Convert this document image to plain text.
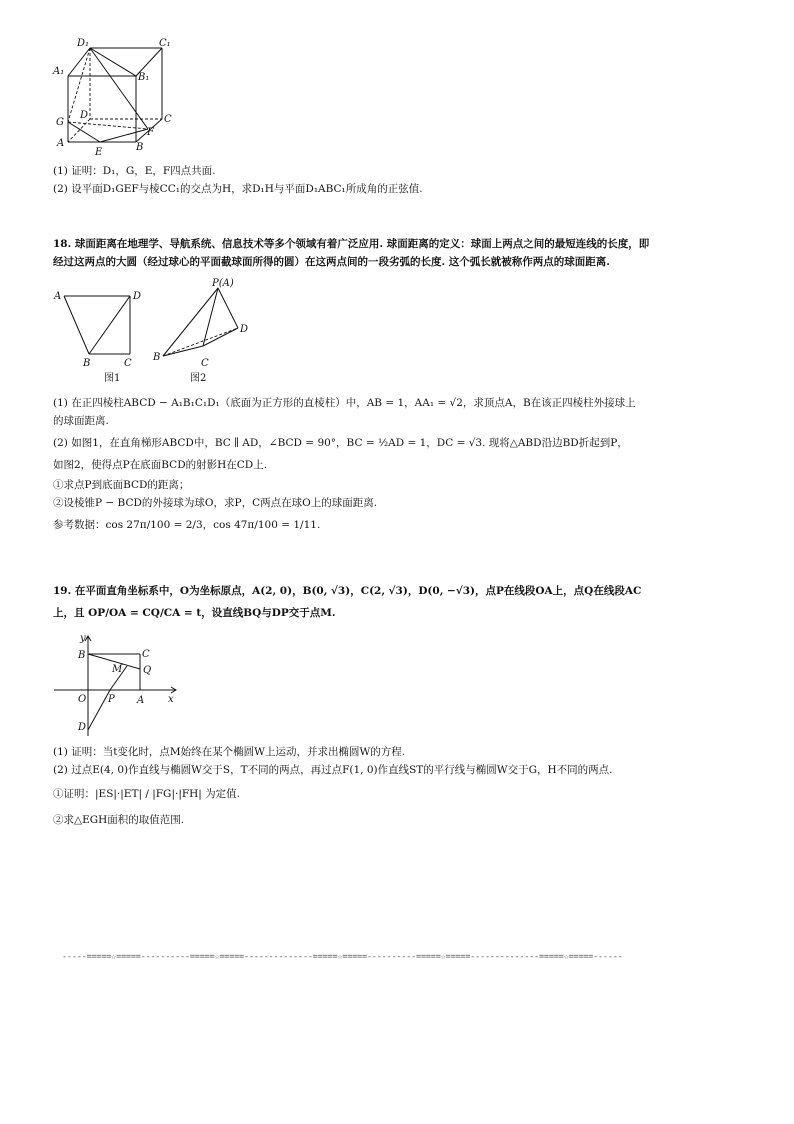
D₁	C₁
A₁
B₁
G
D	C
F
A	B
E
(1) 证明：D₁，G，E，F四点共面.
(2) 设平面D₁GEF与棱CC₁的交点为H，求D₁H与平面D₁ABC₁所成角的正弦值.
18. 球面距离在地理学、导航系统、信息技术等多个领域有着广泛应用. 球面距离的定义：球面上两点之间的最短连线的长度，即
经过这两点的大圆（经过球心的平面截球面所得的圆）在这两点间的一段劣弧的长度. 这个弧长就被称作两点的球面距离.
A	D
B	C
图1
P(A)
D
B
C
图2
(1) 在正四棱柱ABCD − A₁B₁C₁D₁（底面为正方形的直棱柱）中，AB = 1，AA₁ = √2，求顶点A，B在该正四棱柱外接球上
的球面距离.
(2) 如图1，在直角梯形ABCD中，BC ∥ AD，∠BCD = 90°，BC = ½AD = 1，DC = √3. 现将△ABD沿边BD折起到P，
如图2，使得点P在底面BCD的射影H在CD上.
①求点P到底面BCD的距离；
②设棱锥P − BCD的外接球为球O，求P，C两点在球O上的球面距离.
参考数据：cos 27π/100 = 2/3，cos 47π/100 = 1/11.
19. 在平面直角坐标系中，O为坐标原点，A(2, 0)，B(0, √3)，C(2, √3)，D(0, −√3)，点P在线段OA上，点Q在线段AC
上，且 OP/OA = CQ/CA = t，设直线BQ与DP交于点M.
y
x
B	C
M Q
O P A
D
(1) 证明：当t变化时，点M始终在某个椭圆W上运动，并求出椭圆W的方程.
(2) 过点E(4, 0)作直线与椭圆W交于S，T不同的两点，再过点F(1, 0)作直线ST的平行线与椭圆W交于G，H不同的两点.
①证明：|ES|·|ET| / |FG|·|FH| 为定值.
②求△EGH面积的取值范围.
-----=====☆=====----------=====☆=====--------------=====☆=====----------=====☆=====--------------=====☆=====------
